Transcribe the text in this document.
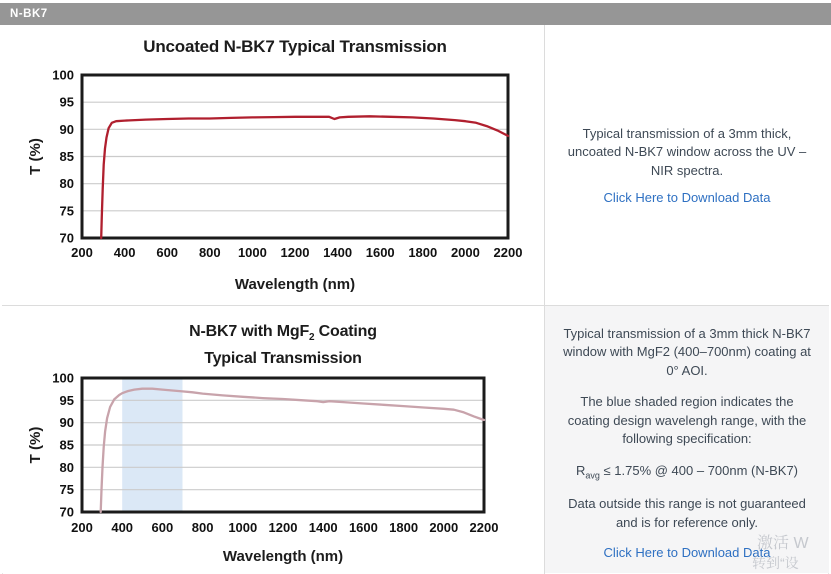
N-BK7
Uncoated N-BK7 Typical Transmission
70
75
80
85
90
95
100
200 400 600 800 1000 1200 1400 1600 1800 2000 2200
Wavelength (nm)
T (%)

Typical transmission of a 3mm thick, uncoated N-BK7 window across the UV – NIR spectra.

Click Here to Download Data
N-BK7 with MgF$_2$ Coating
Typical Transmission
70
75
80
85
90
95
100
200 400 600 800 1000 1200 1400 1600 1800 2000 2200
Wavelength (nm)
T (%)

Typical transmission of a 3mm thick N-BK7 window with MgF2 (400–700nm) coating at 0° AOI.

The blue shaded region indicates the coating design wavelengh range, with the following specification:

$R_{avg} \le 1.75\%$ @ 400 – 700nm (N-BK7)

Data outside this range is not guaranteed and is for reference only.

Click Here to Download Data
激活 W
转到“设
